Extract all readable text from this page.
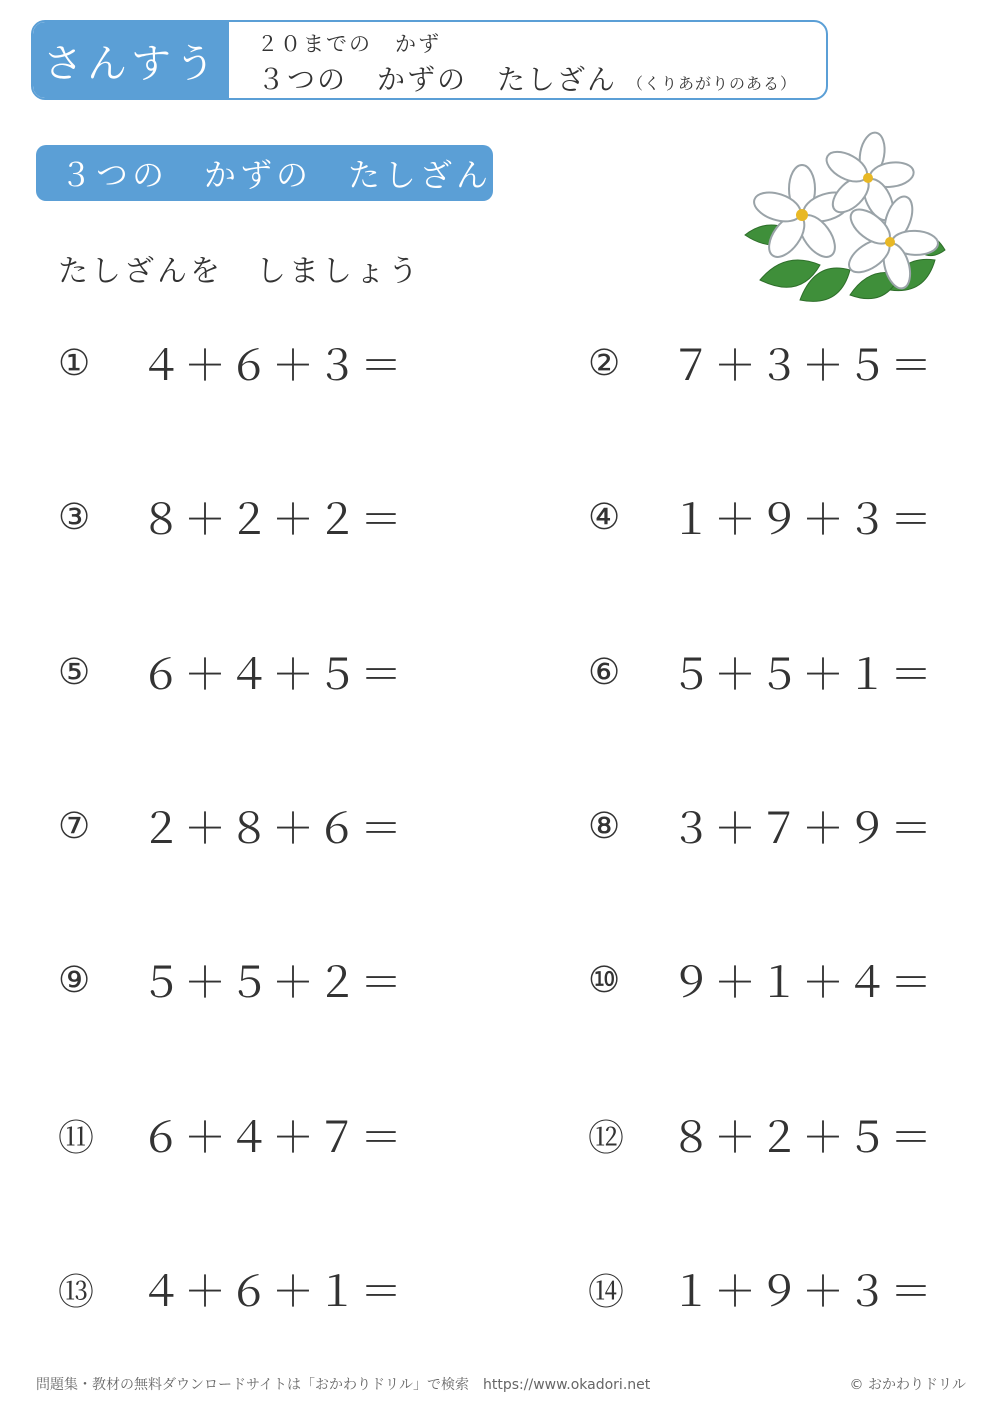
さんすう	２０までの　かず
３つの　かずの　たしざん （くりあがりのある）
３つの　かずの　たしざん
たしざんを　しましょう
①	４＋６＋３＝	②	７＋３＋５＝
③	８＋２＋２＝	④	１＋９＋３＝
⑤	６＋４＋５＝	⑥	５＋５＋１＝
⑦	２＋８＋６＝	⑧	３＋７＋９＝
⑨	５＋５＋２＝	⑩	９＋１＋４＝
⑪	６＋４＋７＝	⑫	８＋２＋５＝
⑬	４＋６＋１＝	⑭	１＋９＋３＝
問題集・教材の無料ダウンロードサイトは「おかわりドリル」で検索　https://www.okadori.net	© おかわりドリル
